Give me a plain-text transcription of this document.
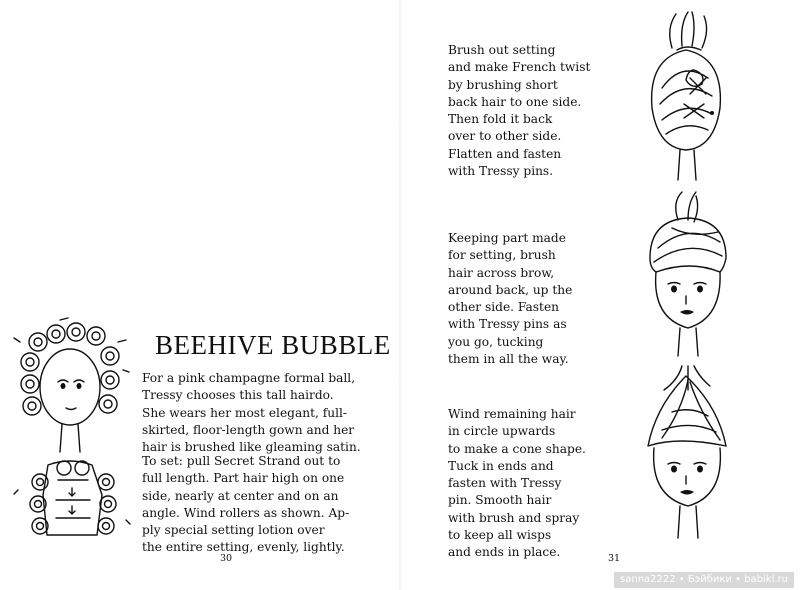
BEEHIVE BUBBLE

For a pink champagne formal ball,
Tressy chooses this tall hairdo.
She wears her most elegant, full-
skirted, floor-length gown and her
hair is brushed like gleaming satin.

To set: pull Secret Strand out to
full length. Part hair high on one
side, nearly at center and on an
angle. Wind rollers as shown. Ap-
ply special setting lotion over
the entire setting, evenly, lightly.

30

Brush out setting
and make French twist
by brushing short
back hair to one side.
Then fold it back
over to other side.
Flatten and fasten
with Tressy pins.

Keeping part made
for setting, brush
hair across brow,
around back, up the
other side. Fasten
with Tressy pins as
you go, tucking
them in all the way.

Wind remaining hair
in circle upwards
to make a cone shape.
Tuck in ends and
fasten with Tressy
pin. Smooth hair
with brush and spray
to keep all wisps
and ends in place.	31
sanna2222 • Бэйбики • babiki.ru
